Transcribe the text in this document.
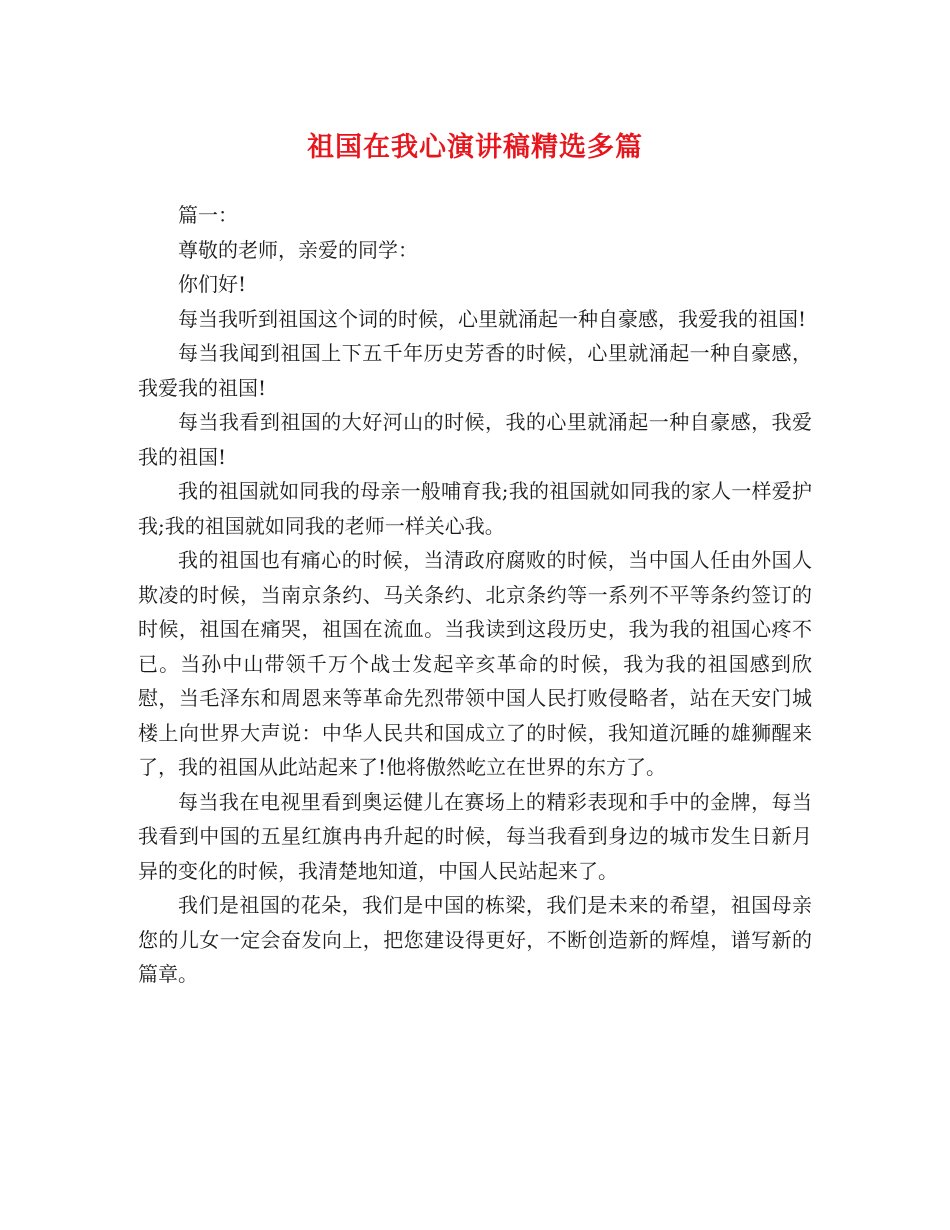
祖国在我心演讲稿精选多篇

篇一：

尊敬的老师，亲爱的同学：

你们好!

每当我听到祖国这个词的时候，心里就涌起一种自豪感，我爱我的祖国!

每当我闻到祖国上下五千年历史芳香的时候，心里就涌起一种自豪感，我爱我的祖国!

每当我看到祖国的大好河山的时候，我的心里就涌起一种自豪感，我爱我的祖国!

我的祖国就如同我的母亲一般哺育我;我的祖国就如同我的家人一样爱护我;我的祖国就如同我的老师一样关心我。

我的祖国也有痛心的时候，当清政府腐败的时候，当中国人任由外国人欺凌的时候，当南京条约、马关条约、北京条约等一系列不平等条约签订的时候，祖国在痛哭，祖国在流血。当我读到这段历史，我为我的祖国心疼不已。当孙中山带领千万个战士发起辛亥革命的时候，我为我的祖国感到欣慰，当毛泽东和周恩来等革命先烈带领中国人民打败侵略者，站在天安门城楼上向世界大声说：中华人民共和国成立了的时候，我知道沉睡的雄狮醒来了，我的祖国从此站起来了!他将傲然屹立在世界的东方了。

每当我在电视里看到奥运健儿在赛场上的精彩表现和手中的金牌，每当我看到中国的五星红旗冉冉升起的时候，每当我看到身边的城市发生日新月异的变化的时候，我清楚地知道，中国人民站起来了。

我们是祖国的花朵，我们是中国的栋梁，我们是未来的希望，祖国母亲您的儿女一定会奋发向上，把您建设得更好，不断创造新的辉煌，谱写新的篇章。
